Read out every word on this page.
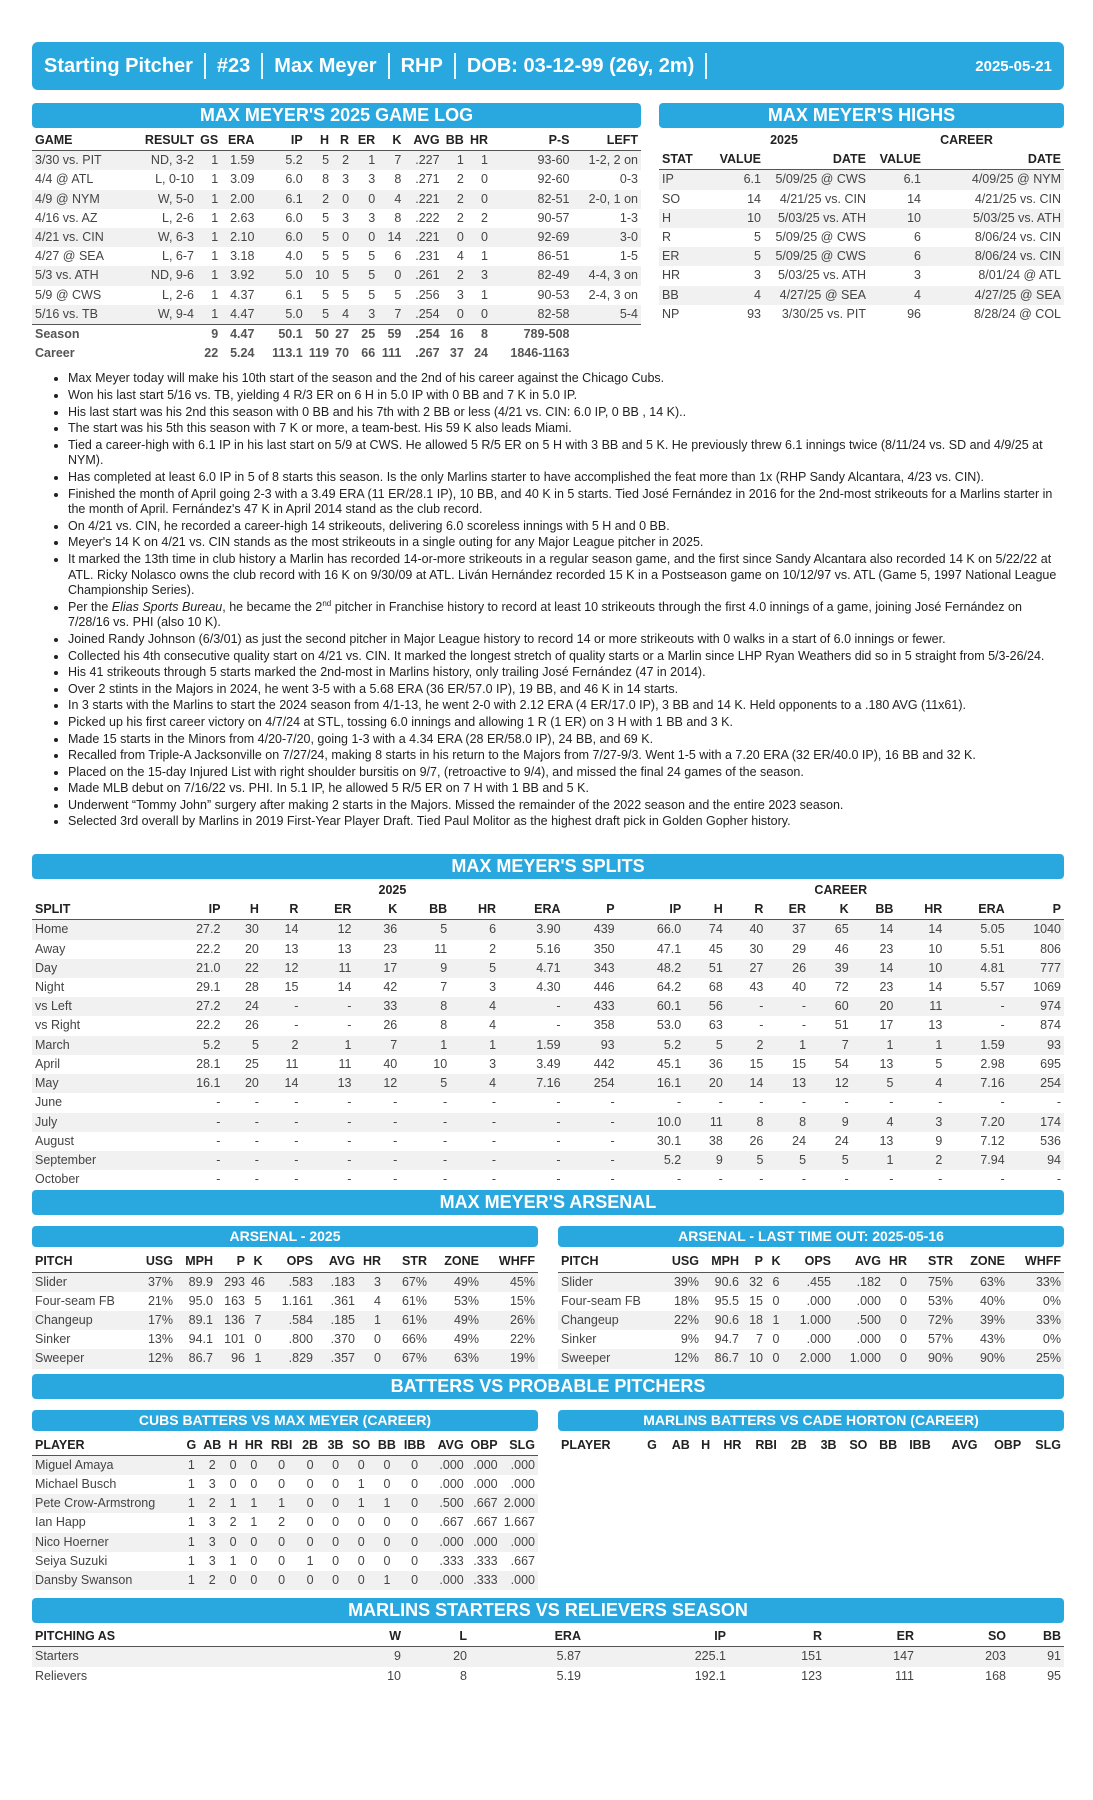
Starting Pitcher	#23	Max Meyer	RHP	DOB: 03-12-99 (26y, 2m)	2025-05-21
MAX MEYER'S 2025 GAME LOG
GAME	RESULT	GS	ERA	IP	H	R	ER	K	AVG	BB	HR	P-S	LEFT
3/30 vs. PIT	ND, 3-2	1	1.59	5.2	5	2	1	7	.227	1	1	93-60	1-2, 2 on
4/4 @ ATL	L, 0-10	1	3.09	6.0	8	3	3	8	.271	2	0	92-60	0-3
4/9 @ NYM	W, 5-0	1	2.00	6.1	2	0	0	4	.221	2	0	82-51	2-0, 1 on
4/16 vs. AZ	L, 2-6	1	2.63	6.0	5	3	3	8	.222	2	2	90-57	1-3
4/21 vs. CIN	W, 6-3	1	2.10	6.0	5	0	0	14	.221	0	0	92-69	3-0
4/27 @ SEA	L, 6-7	1	3.18	4.0	5	5	5	6	.231	4	1	86-51	1-5
5/3 vs. ATH	ND, 9-6	1	3.92	5.0	10	5	5	0	.261	2	3	82-49	4-4, 3 on
5/9 @ CWS	L, 2-6	1	4.37	6.1	5	5	5	5	.256	3	1	90-53	2-4, 3 on
5/16 vs. TB	W, 9-4	1	4.47	5.0	5	4	3	7	.254	0	0	82-58	5-4
Season		9	4.47	50.1	50	27	25	59	.254	16	8	789-508	
Career		22	5.24	113.1	119	70	66	111	.267	37	24	1846-1163	
MAX MEYER'S HIGHS
	2025		CAREER	
STAT	VALUE	DATE	VALUE	DATE
IP	6.1	5/09/25 @ CWS	6.1	4/09/25 @ NYM
SO	14	4/21/25 vs. CIN	14	4/21/25 vs. CIN
H	10	5/03/25 vs. ATH	10	5/03/25 vs. ATH
R	5	5/09/25 @ CWS	6	8/06/24 vs. CIN
ER	5	5/09/25 @ CWS	6	8/06/24 vs. CIN
HR	3	5/03/25 vs. ATH	3	8/01/24 @ ATL
BB	4	4/27/25 @ SEA	4	4/27/25 @ SEA
NP	93	3/30/25 vs. PIT	96	8/28/24 @ COL
• Max Meyer today will make his 10th start of the season and the 2nd of his career against the Chicago Cubs.
• Won his last start 5/16 vs. TB, yielding 4 R/3 ER on 6 H in 5.0 IP with 0 BB and 7 K in 5.0 IP.
• His last start was his 2nd this season with 0 BB and his 7th with 2 BB or less (4/21 vs. CIN: 6.0 IP, 0 BB , 14 K)..
• The start was his 5th this season with 7 K or more, a team-best. His 59 K also leads Miami.
• Tied a career-high with 6.1 IP in his last start on 5/9 at CWS. He allowed 5 R/5 ER on 5 H with 3 BB and 5 K. He previously threw 6.1 innings twice (8/11/24 vs. SD and 4/9/25 at NYM).
• Has completed at least 6.0 IP in 5 of 8 starts this season. Is the only Marlins starter to have accomplished the feat more than 1x (RHP Sandy Alcantara, 4/23 vs. CIN).
• Finished the month of April going 2-3 with a 3.49 ERA (11 ER/28.1 IP), 10 BB, and 40 K in 5 starts. Tied José Fernández in 2016 for the 2nd-most strikeouts for a Marlins starter in the month of April. Fernández's 47 K in April 2014 stand as the club record.
• On 4/21 vs. CIN, he recorded a career-high 14 strikeouts, delivering 6.0 scoreless innings with 5 H and 0 BB.
• Meyer's 14 K on 4/21 vs. CIN stands as the most strikeouts in a single outing for any Major League pitcher in 2025.
• It marked the 13th time in club history a Marlin has recorded 14-or-more strikeouts in a regular season game, and the first since Sandy Alcantara also recorded 14 K on 5/22/22 at ATL. Ricky Nolasco owns the club record with 16 K on 9/30/09 at ATL. Liván Hernández recorded 15 K in a Postseason game on 10/12/97 vs. ATL (Game 5, 1997 National League Championship Series).
• Per the Elias Sports Bureau, he became the 2nd pitcher in Franchise history to record at least 10 strikeouts through the first 4.0 innings of a game, joining José Fernández on 7/28/16 vs. PHI (also 10 K).
• Joined Randy Johnson (6/3/01) as just the second pitcher in Major League history to record 14 or more strikeouts with 0 walks in a start of 6.0 innings or fewer.
• Collected his 4th consecutive quality start on 4/21 vs. CIN. It marked the longest stretch of quality starts or a Marlin since LHP Ryan Weathers did so in 5 straight from 5/3-26/24.
• His 41 strikeouts through 5 starts marked the 2nd-most in Marlins history, only trailing José Fernández (47 in 2014).
• Over 2 stints in the Majors in 2024, he went 3-5 with a 5.68 ERA (36 ER/57.0 IP), 19 BB, and 46 K in 14 starts.
• In 3 starts with the Marlins to start the 2024 season from 4/1-13, he went 2-0 with 2.12 ERA (4 ER/17.0 IP), 3 BB and 14 K. Held opponents to a .180 AVG (11x61).
• Picked up his first career victory on 4/7/24 at STL, tossing 6.0 innings and allowing 1 R (1 ER) on 3 H with 1 BB and 3 K.
• Made 15 starts in the Minors from 4/20-7/20, going 1-3 with a 4.34 ERA (28 ER/58.0 IP), 24 BB, and 69 K.
• Recalled from Triple-A Jacksonville on 7/27/24, making 8 starts in his return to the Majors from 7/27-9/3. Went 1-5 with a 7.20 ERA (32 ER/40.0 IP), 16 BB and 32 K.
• Placed on the 15-day Injured List with right shoulder bursitis on 9/7, (retroactive to 9/4), and missed the final 24 games of the season.
• Made MLB debut on 7/16/22 vs. PHI. In 5.1 IP, he allowed 5 R/5 ER on 7 H with 1 BB and 5 K.
• Underwent “Tommy John” surgery after making 2 starts in the Majors. Missed the remainder of the 2022 season and the entire 2023 season.
• Selected 3rd overall by Marlins in 2019 First-Year Player Draft. Tied Paul Molitor as the highest draft pick in Golden Gopher history.
MAX MEYER'S SPLITS
	2025									CAREER								
SPLIT	IP	H	R	ER	K	BB	HR	ERA	P	IP	H	R	ER	K	BB	HR	ERA	P
Home	27.2	30	14	12	36	5	6	3.90	439	66.0	74	40	37	65	14	14	5.05	1040
Away	22.2	20	13	13	23	11	2	5.16	350	47.1	45	30	29	46	23	10	5.51	806
Day	21.0	22	12	11	17	9	5	4.71	343	48.2	51	27	26	39	14	10	4.81	777
Night	29.1	28	15	14	42	7	3	4.30	446	64.2	68	43	40	72	23	14	5.57	1069
vs Left	27.2	24	-	-	33	8	4	-	433	60.1	56	-	-	60	20	11	-	974
vs Right	22.2	26	-	-	26	8	4	-	358	53.0	63	-	-	51	17	13	-	874
March	5.2	5	2	1	7	1	1	1.59	93	5.2	5	2	1	7	1	1	1.59	93
April	28.1	25	11	11	40	10	3	3.49	442	45.1	36	15	15	54	13	5	2.98	695
May	16.1	20	14	13	12	5	4	7.16	254	16.1	20	14	13	12	5	4	7.16	254
June	-	-	-	-	-	-	-	-	-	-	-	-	-	-	-	-	-	-
July	-	-	-	-	-	-	-	-	-	10.0	11	8	8	9	4	3	7.20	174
August	-	-	-	-	-	-	-	-	-	30.1	38	26	24	24	13	9	7.12	536
September	-	-	-	-	-	-	-	-	-	5.2	9	5	5	5	1	2	7.94	94
October	-	-	-	-	-	-	-	-	-	-	-	-	-	-	-	-	-	-
MAX MEYER'S ARSENAL
ARSENAL - 2025
PITCH	USG	MPH	P	K	OPS	AVG	HR	STR	ZONE	WHFF
Slider	37%	89.9	293	46	.583	.183	3	67%	49%	45%
Four-seam FB	21%	95.0	163	5	1.161	.361	4	61%	53%	15%
Changeup	17%	89.1	136	7	.584	.185	1	61%	49%	26%
Sinker	13%	94.1	101	0	.800	.370	0	66%	49%	22%
Sweeper	12%	86.7	96	1	.829	.357	0	67%	63%	19%
ARSENAL - LAST TIME OUT: 2025-05-16
PITCH	USG	MPH	P	K	OPS	AVG	HR	STR	ZONE	WHFF
Slider	39%	90.6	32	6	.455	.182	0	75%	63%	33%
Four-seam FB	18%	95.5	15	0	.000	.000	0	53%	40%	0%
Changeup	22%	90.6	18	1	1.000	.500	0	72%	39%	33%
Sinker	9%	94.7	7	0	.000	.000	0	57%	43%	0%
Sweeper	12%	86.7	10	0	2.000	1.000	0	90%	90%	25%
BATTERS VS PROBABLE PITCHERS
CUBS BATTERS VS MAX MEYER (CAREER)
PLAYER	G	AB	H	HR	RBI	2B	3B	SO	BB	IBB	AVG	OBP	SLG
Miguel Amaya	1	2	0	0	0	0	0	0	0	0	.000	.000	.000
Michael Busch	1	3	0	0	0	0	0	1	0	0	.000	.000	.000
Pete Crow-Armstrong	1	2	1	1	1	0	0	1	1	0	.500	.667	2.000
Ian Happ	1	3	2	1	2	0	0	0	0	0	.667	.667	1.667
Nico Hoerner	1	3	0	0	0	0	0	0	0	0	.000	.000	.000
Seiya Suzuki	1	3	1	0	0	1	0	0	0	0	.333	.333	.667
Dansby Swanson	1	2	0	0	0	0	0	0	1	0	.000	.333	.000
MARLINS BATTERS VS CADE HORTON (CAREER)
PLAYER	G	AB	H	HR	RBI	2B	3B	SO	BB	IBB	AVG	OBP	SLG
MARLINS STARTERS VS RELIEVERS SEASON
PITCHING AS	W	L	ERA	IP	R	ER	SO	BB
Starters	9	20	5.87	225.1	151	147	203	91
Relievers	10	8	5.19	192.1	123	111	168	95
